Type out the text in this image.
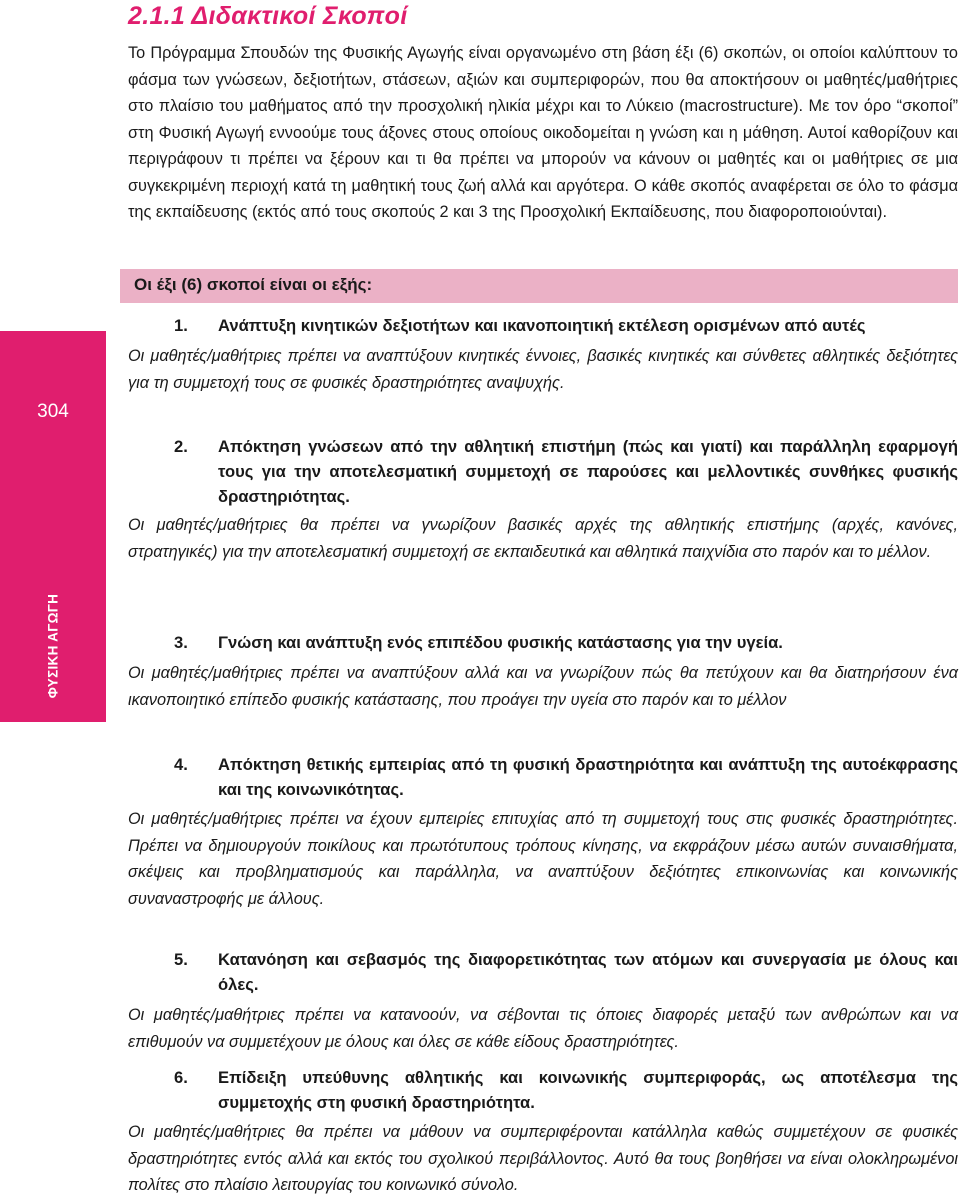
2.1.1 Διδακτικοί Σκοποί

Το Πρόγραμμα Σπουδών της Φυσικής Αγωγής είναι οργανωμένο στη βάση έξι (6) σκοπών, οι οποίοι καλύπτουν το φάσμα των γνώσεων, δεξιοτήτων, στάσεων, αξιών και συμπεριφορών, που θα αποκτήσουν οι μαθητές/μαθήτριες στο πλαίσιο του μαθήματος από την προσχολική ηλικία μέχρι και το Λύκειο (macrostructure). Με τον όρο “σκοποί” στη Φυσική Αγωγή εννοούμε τους άξονες στους οποίους οικοδομείται η γνώση και η μάθηση. Αυτοί καθορίζουν και περιγράφουν τι πρέπει να ξέρουν και τι θα πρέπει να μπορούν να κάνουν οι μαθητές και οι μαθήτριες σε μια συγκεκριμένη περιοχή κατά τη μαθητική τους ζωή αλλά και αργότερα. Ο κάθε σκοπός αναφέρεται σε όλο το φάσμα της εκπαίδευσης (εκτός από τους σκοπούς 2 και 3 της Προσχολική Εκπαίδευσης, που διαφοροποιούνται).

Οι έξι (6) σκοποί είναι οι εξής:
304
ΦΥΣΙΚΗ ΑΓΩΓΗ
1. Ανάπτυξη κινητικών δεξιοτήτων και ικανοποιητική εκτέλεση ορισμένων από αυτές

Οι μαθητές/μαθήτριες πρέπει να αναπτύξουν κινητικές έννοιες, βασικές κινητικές και σύνθετες αθλητικές δεξιότητες για τη συμμετοχή τους σε φυσικές δραστηριότητες αναψυχής.

2. Απόκτηση γνώσεων από την αθλητική επιστήμη (πώς και γιατί) και παράλληλη εφαρμογή τους για την αποτελεσματική συμμετοχή σε παρούσες και μελλοντικές συνθήκες φυσικής δραστηριότητας.

Οι μαθητές/μαθήτριες θα πρέπει να γνωρίζουν βασικές αρχές της αθλητικής επιστήμης (αρχές, κανόνες, στρατηγικές) για την αποτελεσματική συμμετοχή σε εκπαιδευτικά και αθλητικά παιχνίδια στο παρόν και το μέλλον.

3. Γνώση και ανάπτυξη ενός επιπέδου φυσικής κατάστασης για την υγεία.

Οι μαθητές/μαθήτριες πρέπει να αναπτύξουν αλλά και να γνωρίζουν πώς θα πετύχουν και θα διατηρήσουν ένα ικανοποιητικό επίπεδο φυσικής κατάστασης, που προάγει την υγεία στο παρόν και το μέλλον

4. Απόκτηση θετικής εμπειρίας από τη φυσική δραστηριότητα και ανάπτυξη της αυτοέκφρασης και της κοινωνικότητας.

Οι μαθητές/μαθήτριες πρέπει να έχουν εμπειρίες επιτυχίας από τη συμμετοχή τους στις φυσικές δραστηριότητες. Πρέπει να δημιουργούν ποικίλους και πρωτότυπους τρόπους κίνησης, να εκφράζουν μέσω αυτών συναισθήματα, σκέψεις και προβληματισμούς και παράλληλα, να αναπτύξουν δεξιότητες επικοινωνίας και κοινωνικής συναναστροφής με άλλους.

5. Κατανόηση και σεβασμός της διαφορετικότητας των ατόμων και συνεργασία με όλους και όλες.

Οι μαθητές/μαθήτριες πρέπει να κατανοούν, να σέβονται τις όποιες διαφορές μεταξύ των ανθρώπων και να επιθυμούν να συμμετέχουν με όλους και όλες σε κάθε είδους δραστηριότητες.

6. Επίδειξη υπεύθυνης αθλητικής και κοινωνικής συμπεριφοράς, ως αποτέλεσμα της συμμετοχής στη φυσική δραστηριότητα.

Οι μαθητές/μαθήτριες θα πρέπει να μάθουν να συμπεριφέρονται κατάλληλα καθώς συμμετέχουν σε φυσικές δραστηριότητες εντός αλλά και εκτός του σχολικού περιβάλλοντος. Αυτό θα τους βοηθήσει να είναι ολοκληρωμένοι πολίτες στο πλαίσιο λειτουργίας του κοινωνικό σύνολο.
